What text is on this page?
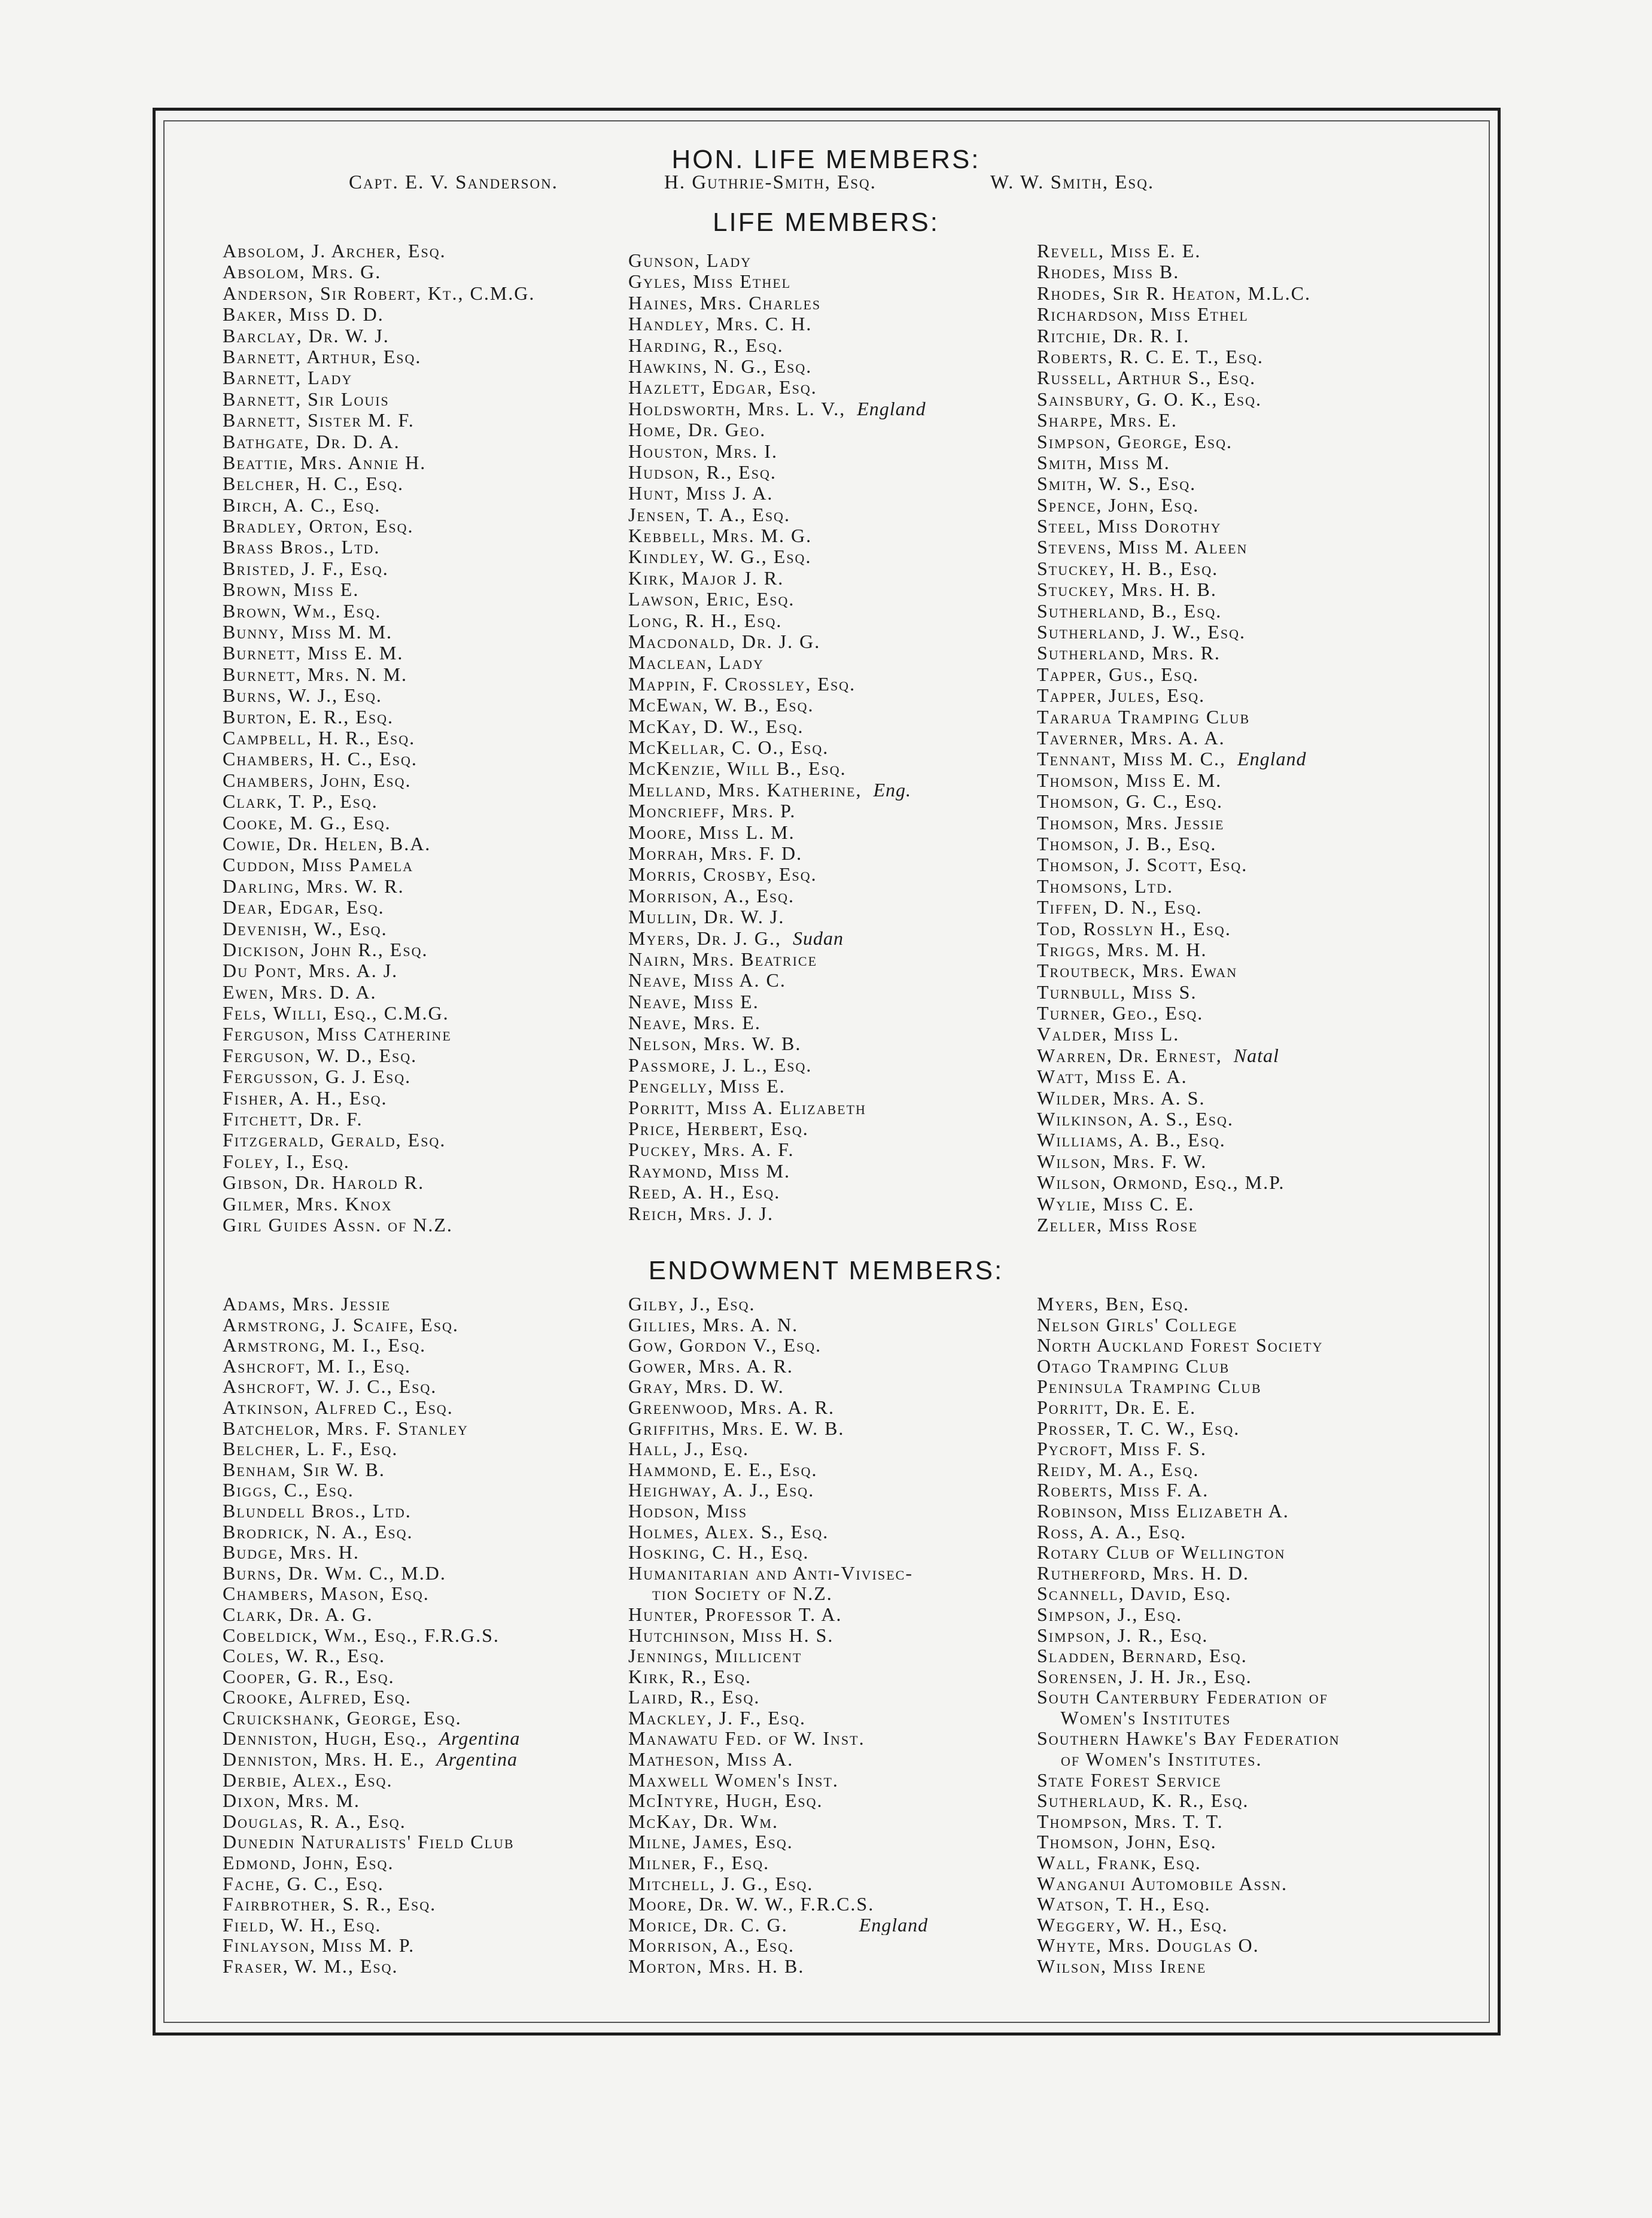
HON. LIFE MEMBERS:
Capt. E. V. Sanderson.	H. Guthrie-Smith, Esq.	W. W. Smith, Esq.
LIFE MEMBERS:
Absolom, J. Archer, Esq.
Absolom, Mrs. G.
Anderson, Sir Robert, Kt., C.M.G.
Baker, Miss D. D.
Barclay, Dr. W. J.
Barnett, Arthur, Esq.
Barnett, Lady
Barnett, Sir Louis
Barnett, Sister M. F.
Bathgate, Dr. D. A.
Beattie, Mrs. Annie H.
Belcher, H. C., Esq.
Birch, A. C., Esq.
Bradley, Orton, Esq.
Brass Bros., Ltd.
Bristed, J. F., Esq.
Brown, Miss E.
Brown, Wm., Esq.
Bunny, Miss M. M.
Burnett, Miss E. M.
Burnett, Mrs. N. M.
Burns, W. J., Esq.
Burton, E. R., Esq.
Campbell, H. R., Esq.
Chambers, H. C., Esq.
Chambers, John, Esq.
Clark, T. P., Esq.
Cooke, M. G., Esq.
Cowie, Dr. Helen, B.A.
Cuddon, Miss Pamela
Darling, Mrs. W. R.
Dear, Edgar, Esq.
Devenish, W., Esq.
Dickison, John R., Esq.
Du Pont, Mrs. A. J.
Ewen, Mrs. D. A.
Fels, Willi, Esq., C.M.G.
Ferguson, Miss Catherine
Ferguson, W. D., Esq.
Fergusson, G. J. Esq.
Fisher, A. H., Esq.
Fitchett, Dr. F.
Fitzgerald, Gerald, Esq.
Foley, I., Esq.
Gibson, Dr. Harold R.
Gilmer, Mrs. Knox
Girl Guides Assn. of N.Z.
Gunson, Lady
Gyles, Miss Ethel
Haines, Mrs. Charles
Handley, Mrs. C. H.
Harding, R., Esq.
Hawkins, N. G., Esq.
Hazlett, Edgar, Esq.
Holdsworth, Mrs. L. V.,  England
Home, Dr. Geo.
Houston, Mrs. I.
Hudson, R., Esq.
Hunt, Miss J. A.
Jensen, T. A., Esq.
Kebbell, Mrs. M. G.
Kindley, W. G., Esq.
Kirk, Major J. R.
Lawson, Eric, Esq.
Long, R. H., Esq.
Macdonald, Dr. J. G.
Maclean, Lady
Mappin, F. Crossley, Esq.
McEwan, W. B., Esq.
McKay, D. W., Esq.
McKellar, C. O., Esq.
McKenzie, Will B., Esq.
Melland, Mrs. Katherine,  Eng.
Moncrieff, Mrs. P.
Moore, Miss L. M.
Morrah, Mrs. F. D.
Morris, Crosby, Esq.
Morrison, A., Esq.
Mullin, Dr. W. J.
Myers, Dr. J. G.,  Sudan
Nairn, Mrs. Beatrice
Neave, Miss A. C.
Neave, Miss E.
Neave, Mrs. E.
Nelson, Mrs. W. B.
Passmore, J. L., Esq.
Pengelly, Miss E.
Porritt, Miss A. Elizabeth
Price, Herbert, Esq.
Puckey, Mrs. A. F.
Raymond, Miss M.
Reed, A. H., Esq.
Reich, Mrs. J. J.
Revell, Miss E. E.
Rhodes, Miss B.
Rhodes, Sir R. Heaton, M.L.C.
Richardson, Miss Ethel
Ritchie, Dr. R. I.
Roberts, R. C. E. T., Esq.
Russell, Arthur S., Esq.
Sainsbury, G. O. K., Esq.
Sharpe, Mrs. E.
Simpson, George, Esq.
Smith, Miss M.
Smith, W. S., Esq.
Spence, John, Esq.
Steel, Miss Dorothy
Stevens, Miss M. Aleen
Stuckey, H. B., Esq.
Stuckey, Mrs. H. B.
Sutherland, B., Esq.
Sutherland, J. W., Esq.
Sutherland, Mrs. R.
Tapper, Gus., Esq.
Tapper, Jules, Esq.
Tararua Tramping Club
Taverner, Mrs. A. A.
Tennant, Miss M. C.,  England
Thomson, Miss E. M.
Thomson, G. C., Esq.
Thomson, Mrs. Jessie
Thomson, J. B., Esq.
Thomson, J. Scott, Esq.
Thomsons, Ltd.
Tiffen, D. N., Esq.
Tod, Rosslyn H., Esq.
Triggs, Mrs. M. H.
Troutbeck, Mrs. Ewan
Turnbull, Miss S.
Turner, Geo., Esq.
Valder, Miss L.
Warren, Dr. Ernest,  Natal
Watt, Miss E. A.
Wilder, Mrs. A. S.
Wilkinson, A. S., Esq.
Williams, A. B., Esq.
Wilson, Mrs. F. W.
Wilson, Ormond, Esq., M.P.
Wylie, Miss C. E.
Zeller, Miss Rose
ENDOWMENT MEMBERS:
Adams, Mrs. Jessie
Armstrong, J. Scaife, Esq.
Armstrong, M. I., Esq.
Ashcroft, M. I., Esq.
Ashcroft, W. J. C., Esq.
Atkinson, Alfred C., Esq.
Batchelor, Mrs. F. Stanley
Belcher, L. F., Esq.
Benham, Sir W. B.
Biggs, C., Esq.
Blundell Bros., Ltd.
Brodrick, N. A., Esq.
Budge, Mrs. H.
Burns, Dr. Wm. C., M.D.
Chambers, Mason, Esq.
Clark, Dr. A. G.
Cobeldick, Wm., Esq., F.R.G.S.
Coles, W. R., Esq.
Cooper, G. R., Esq.
Crooke, Alfred, Esq.
Cruickshank, George, Esq.
Denniston, Hugh, Esq.,  Argentina
Denniston, Mrs. H. E.,  Argentina
Derbie, Alex., Esq.
Dixon, Mrs. M.
Douglas, R. A., Esq.
Dunedin Naturalists' Field Club
Edmond, John, Esq.
Fache, G. C., Esq.
Fairbrother, S. R., Esq.
Field, W. H., Esq.
Finlayson, Miss M. P.
Fraser, W. M., Esq.
Gilby, J., Esq.
Gillies, Mrs. A. N.
Gow, Gordon V., Esq.
Gower, Mrs. A. R.
Gray, Mrs. D. W.
Greenwood, Mrs. A. R.
Griffiths, Mrs. E. W. B.
Hall, J., Esq.
Hammond, E. E., Esq.
Heighway, A. J., Esq.
Hodson, Miss
Holmes, Alex. S., Esq.
Hosking, C. H., Esq.
Humanitarian and Anti-Vivisec-
tion Society of N.Z.
Hunter, Professor T. A.
Hutchinson, Miss H. S.
Jennings, Millicent
Kirk, R., Esq.
Laird, R., Esq.
Mackley, J. F., Esq.
Manawatu Fed. of W. Inst.
Matheson, Miss A.
Maxwell Women's Inst.
McIntyre, Hugh, Esq.
McKay, Dr. Wm.
Milne, James, Esq.
Milner, F., Esq.
Mitchell, J. G., Esq.
Moore, Dr. W. W., F.R.C.S.
Morice, Dr. C. G.            England
Morrison, A., Esq.
Morton, Mrs. H. B.
Myers, Ben, Esq.
Nelson Girls' College
North Auckland Forest Society
Otago Tramping Club
Peninsula Tramping Club
Porritt, Dr. E. E.
Prosser, T. C. W., Esq.
Pycroft, Miss F. S.
Reidy, M. A., Esq.
Roberts, Miss F. A.
Robinson, Miss Elizabeth A.
Ross, A. A., Esq.
Rotary Club of Wellington
Rutherford, Mrs. H. D.
Scannell, David, Esq.
Simpson, J., Esq.
Simpson, J. R., Esq.
Sladden, Bernard, Esq.
Sorensen, J. H. Jr., Esq.
South Canterbury Federation of
Women's Institutes
Southern Hawke's Bay Federation
of Women's Institutes.
State Forest Service
Sutherlaud, K. R., Esq.
Thompson, Mrs. T. T.
Thomson, John, Esq.
Wall, Frank, Esq.
Wanganui Automobile Assn.
Watson, T. H., Esq.
Weggery, W. H., Esq.
Whyte, Mrs. Douglas O.
Wilson, Miss Irene
